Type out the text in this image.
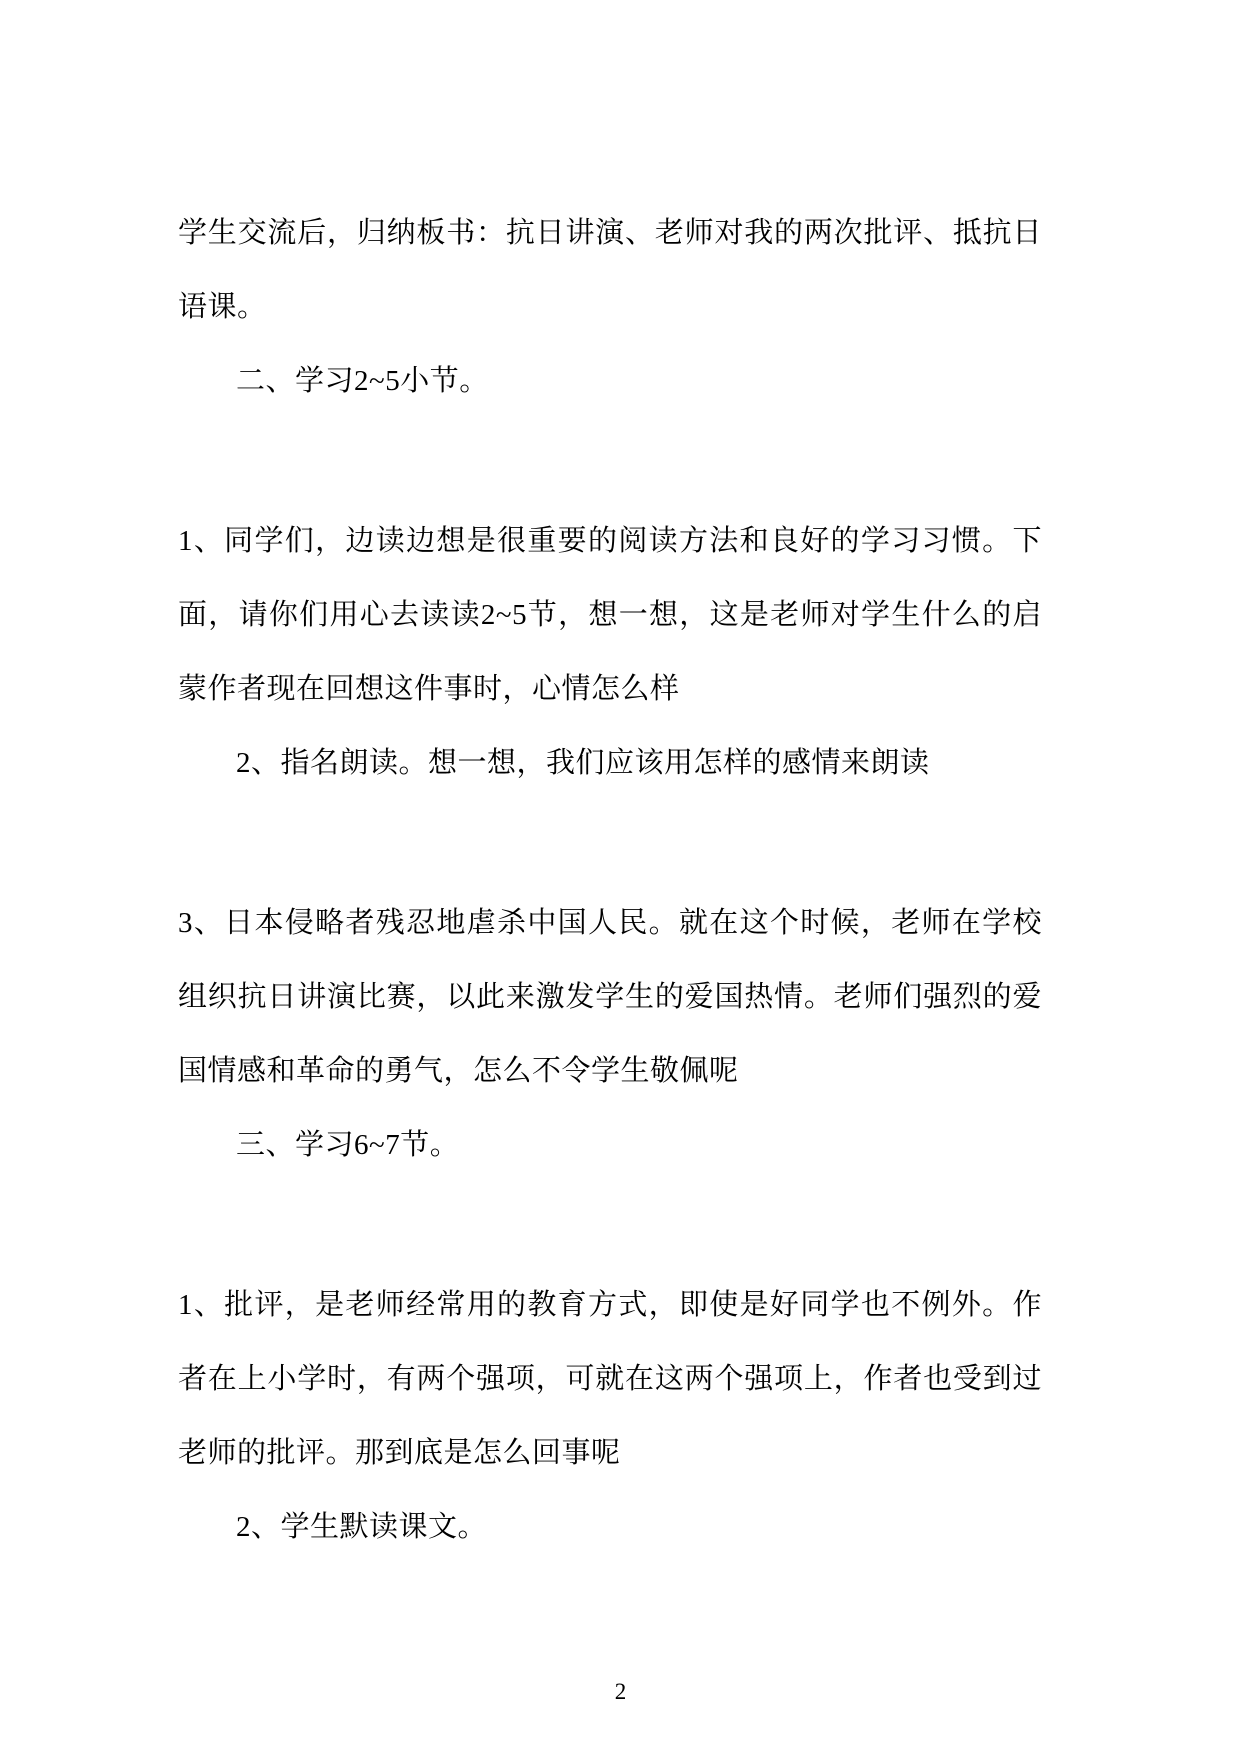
学生交流后，归纳板书：抗日讲演、老师对我的两次批评、抵抗日语课。

二、学习2~5小节。

1、同学们，边读边想是很重要的阅读方法和良好的学习习惯。下面，请你们用心去读读2~5节，想一想，这是老师对学生什么的启蒙作者现在回想这件事时，心情怎么样

2、指名朗读。想一想，我们应该用怎样的感情来朗读

3、日本侵略者残忍地虐杀中国人民。就在这个时候，老师在学校组织抗日讲演比赛，以此来激发学生的爱国热情。老师们强烈的爱国情感和革命的勇气，怎么不令学生敬佩呢

三、学习6~7节。

1、批评，是老师经常用的教育方式，即使是好同学也不例外。作者在上小学时，有两个强项，可就在这两个强项上，作者也受到过老师的批评。那到底是怎么回事呢

2、学生默读课文。

2
